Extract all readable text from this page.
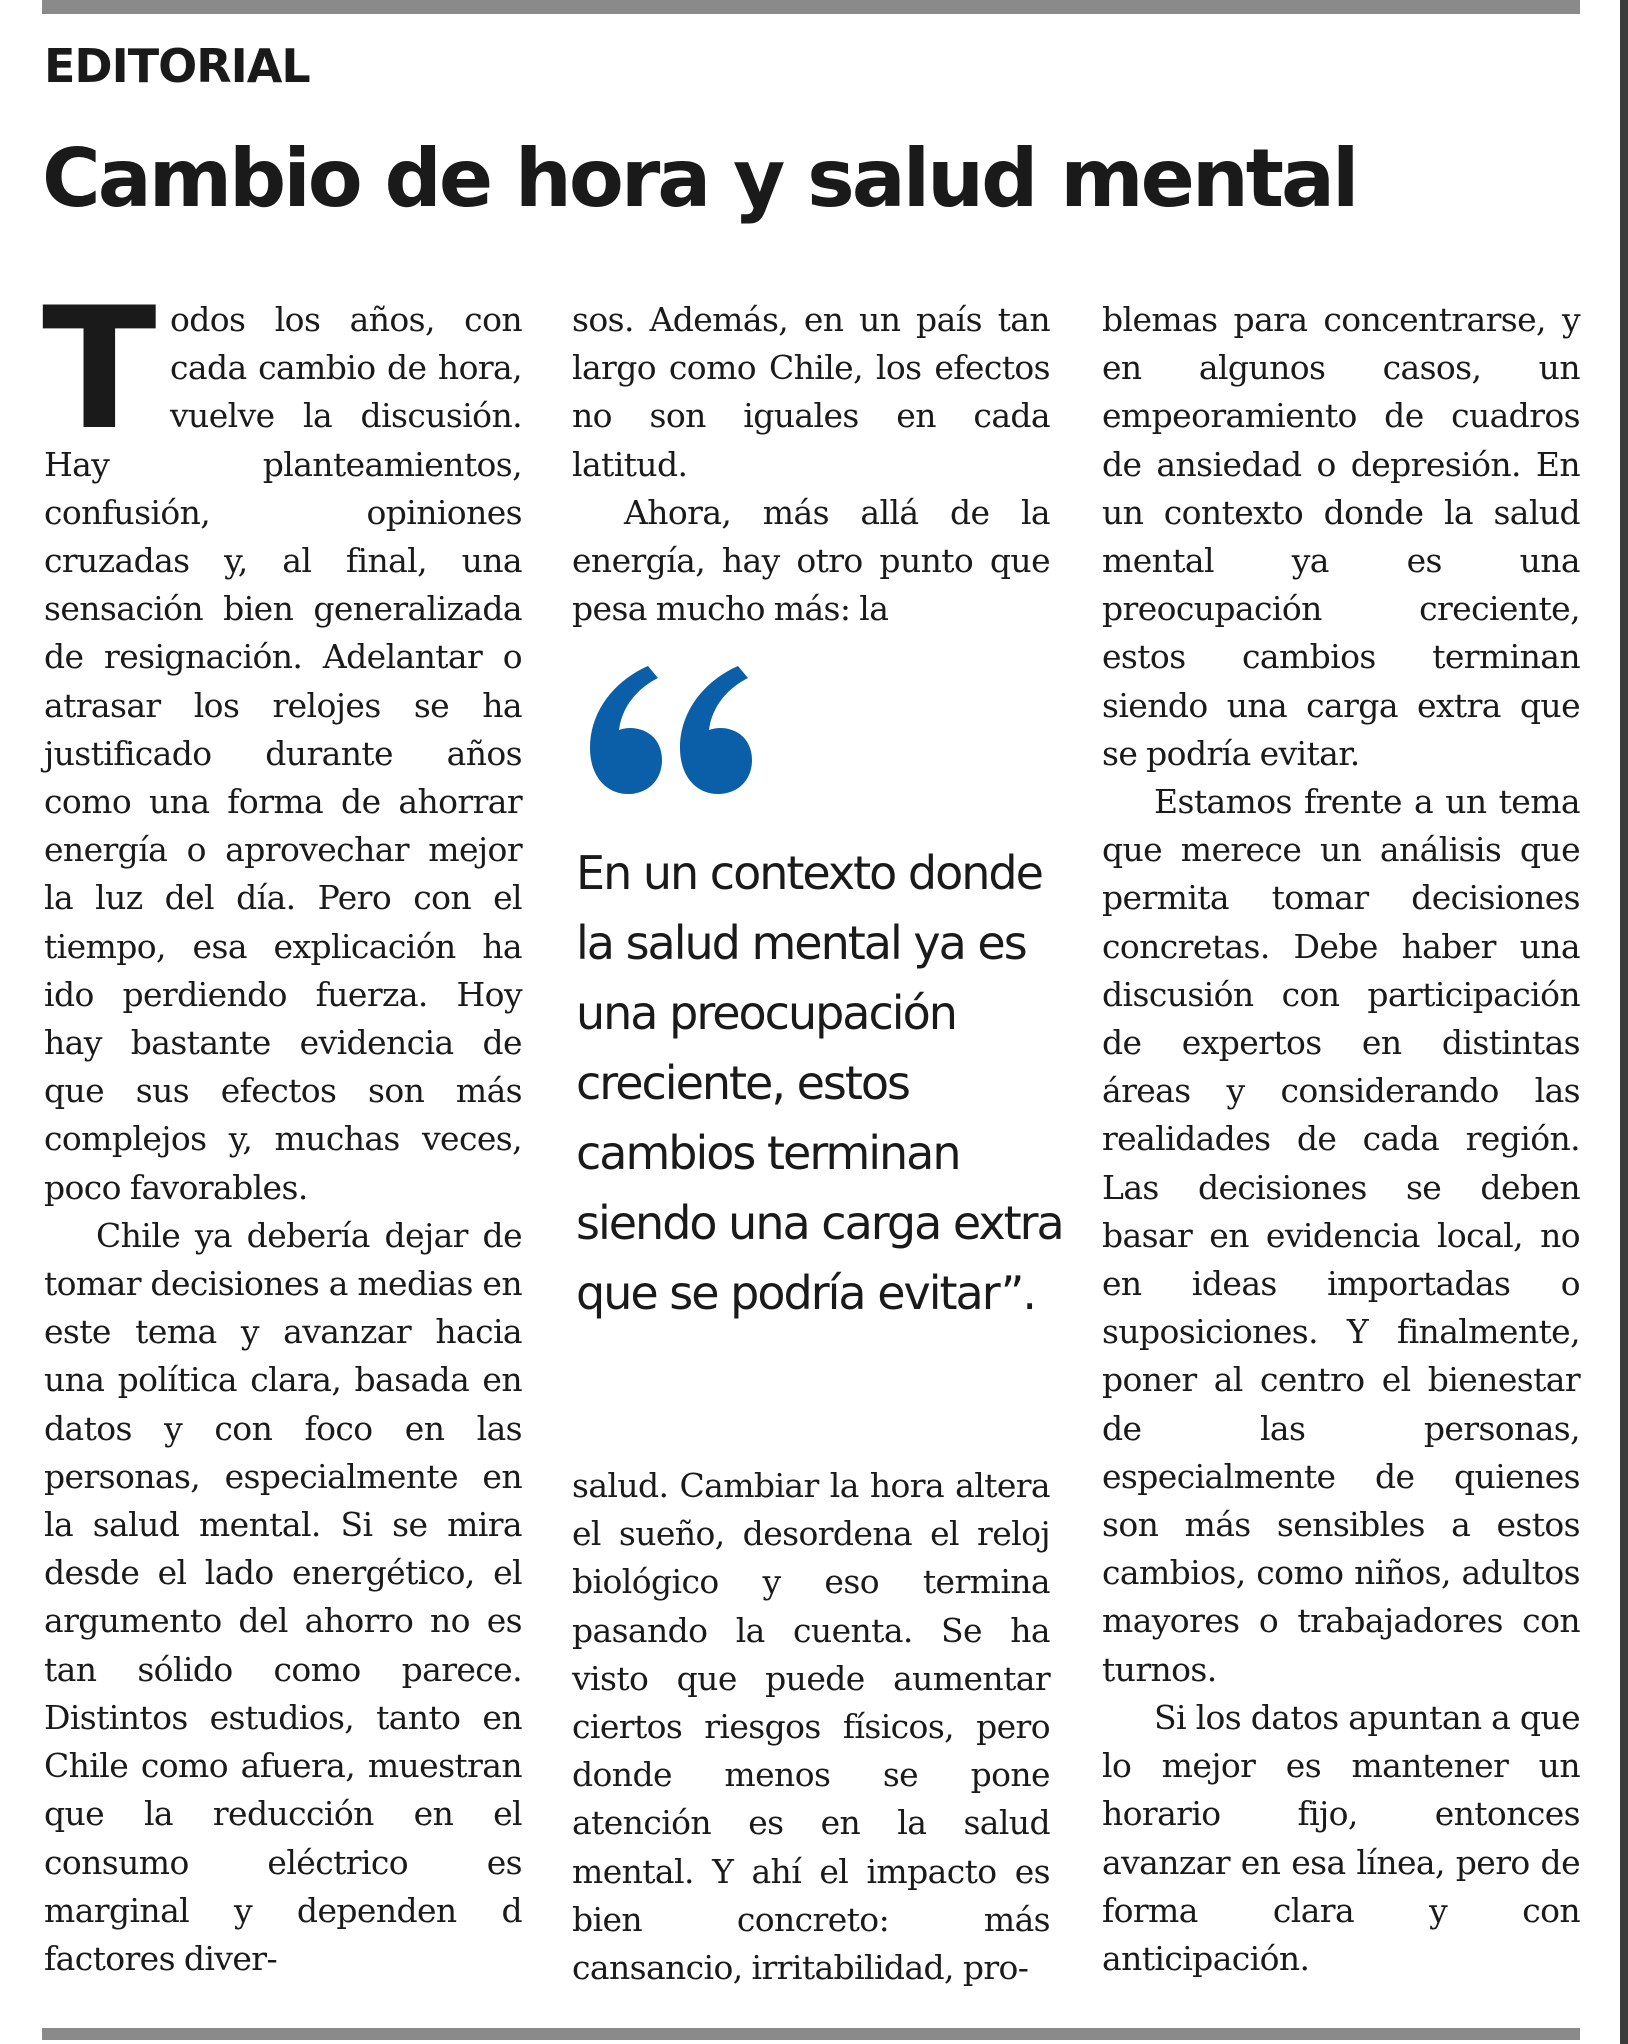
EDITORIAL
Cambio de hora y salud mental

Todos los años, con cada cambio de hora, vuelve la discusión. Hay planteamientos, confusión, opiniones cruzadas y, al final, una sensación bien generalizada de resignación. Adelantar o atrasar los relojes se ha justificado durante años como una forma de ahorrar energía o aprovechar mejor la luz del día. Pero con el tiempo, esa explicación ha ido perdiendo fuerza. Hoy hay bastante evidencia de que sus efectos son más complejos y, muchas veces, poco favorables.

Chile ya debería dejar de tomar decisiones a medias en este tema y avanzar hacia una política clara, basada en datos y con foco en las personas, especialmente en la salud mental. Si se mira desde el lado energético, el argumento del ahorro no es tan sólido como parece. Distintos estudios, tanto en Chile como afuera, muestran que la reducción en el consumo eléctrico es marginal y dependen d factores diver-

sos. Además, en un país tan largo como Chile, los efectos no son iguales en cada latitud.

Ahora, más allá de la energía, hay otro punto que pesa mucho más: la

En un contexto donde la salud mental ya es una preocupación creciente, estos cambios terminan siendo una carga extra que se podría evitar”.

salud. Cambiar la hora altera el sueño, desordena el reloj biológico y eso termina pasando la cuenta. Se ha visto que puede aumentar ciertos riesgos físicos, pero donde menos se pone atención es en la salud mental. Y ahí el impacto es bien concreto: más cansancio, irritabilidad, pro-

blemas para concentrarse, y en algunos casos, un empeoramiento de cuadros de ansiedad o depresión. En un contexto donde la salud mental ya es una preocupación creciente, estos cambios terminan siendo una carga extra que se podría evitar.

Estamos frente a un tema que merece un análisis que permita tomar decisiones concretas. Debe haber una discusión con participación de expertos en distintas áreas y considerando las realidades de cada región. Las decisiones se deben basar en evidencia local, no en ideas importadas o suposiciones. Y finalmente, poner al centro el bienestar de las personas, especialmente de quienes son más sensibles a estos cambios, como niños, adultos mayores o trabajadores con turnos.

Si los datos apuntan a que lo mejor es mantener un horario fijo, entonces avanzar en esa línea, pero de forma clara y con anticipación.
